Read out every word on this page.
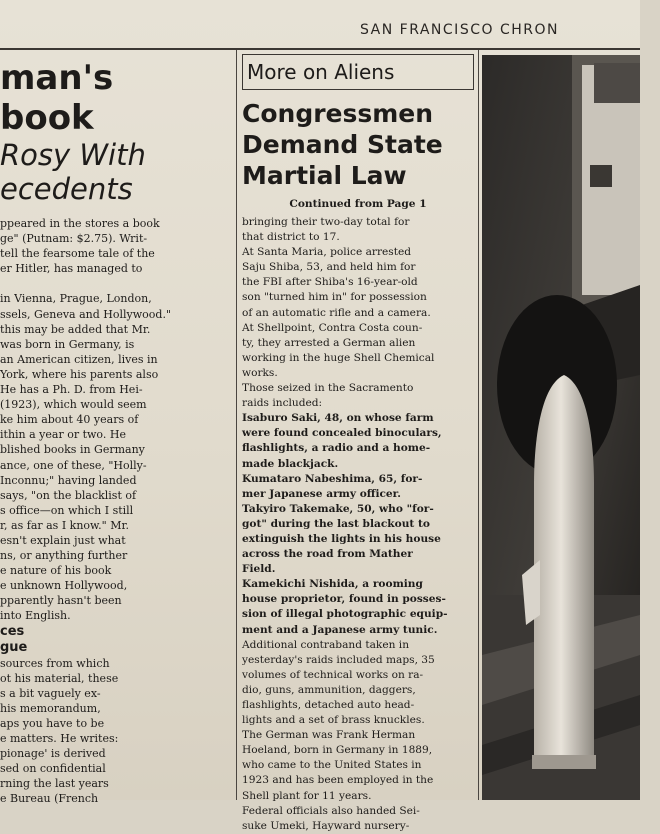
SAN FRANCISCO CHRON
man's
book
Rosy With
ecedents
ppeared in the stores a book
ge" (Putnam: $2.75). Writ-
tell the fearsome tale of the
er Hitler, has managed to

in Vienna, Prague, London,
ssels, Geneva and Hollywood."
this may be added that Mr.
was born in Germany, is
an American citizen, lives in
York, where his parents also
He has a Ph. D. from Hei-
(1923), which would seem
ke him about 40 years of
ithin a year or two. He
blished books in Germany
ance, one of these, "Holly-
Inconnu;" having landed
says, "on the blacklist of
s office—on which I still
r, as far as I know." Mr.
esn't explain just what
ns, or anything further
e nature of his book
e unknown Hollywood,
pparently hasn't been
into English.
ces
gue
sources from which
ot his material, these
s a bit vaguely ex-
his memorandum,
aps you have to be
e matters. He writes:
pionage' is derived
sed on confidential
rning the last years
e Bureau (French
More on Aliens
Congressmen
Demand State
Martial Law
Continued from Page 1
bringing their two-day total for
that district to 17.
At Santa Maria, police arrested
Saju Shiba, 53, and held him for
the FBI after Shiba's 16-year-old
son "turned him in" for possession
of an automatic rifle and a camera.
At Shellpoint, Contra Costa coun-
ty, they arrested a German alien
working in the huge Shell Chemical
works.
Those seized in the Sacramento
raids included:
Isaburo Saki, 48, on whose farm
were found concealed binoculars,
flashlights, a radio and a home-
made blackjack.
Kumataro Nabeshima, 65, for-
mer Japanese army officer.
Takyiro Takemake, 50, who "for-
got" during the last blackout to
extinguish the lights in his house
across the road from Mather
Field.
Kamekichi Nishida, a rooming
house proprietor, found in posses-
sion of illegal photographic equip-
ment and a Japanese army tunic.
Additional contraband taken in
yesterday's raids included maps, 35
volumes of technical works on ra-
dio, guns, ammunition, daggers,
flashlights, detached auto head-
lights and a set of brass knuckles.
The German was Frank Herman
Hoeland, born in Germany in 1889,
who came to the United States in
1923 and has been employed in the
Shell plant for 11 years.
Federal officials also handed Sei-
suke Umeki, Hayward nursery-
